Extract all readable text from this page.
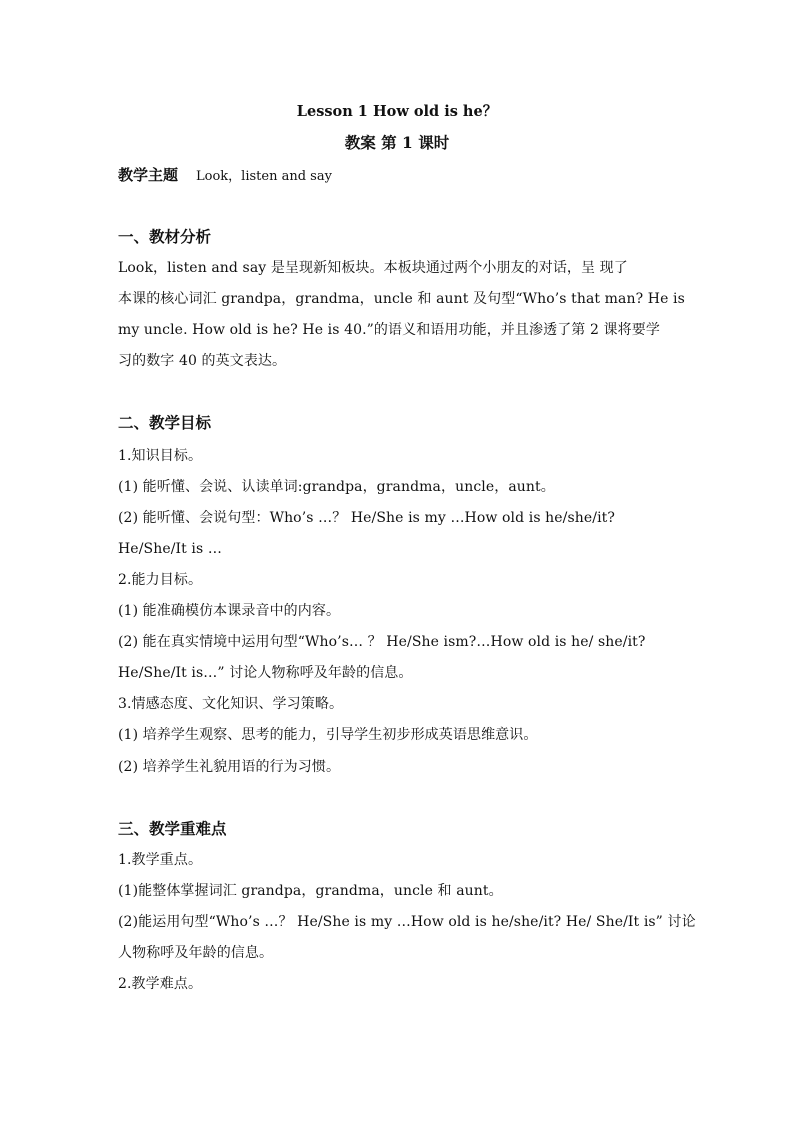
Lesson 1 How old is he？
教案 第 1 课时
教学主题 Look，listen and say
一、教材分析
Look，listen and say 是呈现新知板块。本板块通过两个小朋友的对话，呈 现了
本课的核心词汇 grandpa，grandma，uncle 和 aunt 及句型“Who’s that man? He is
my uncle. How old is he? He is 40.”的语义和语用功能，并且渗透了第 2 课将要学
习的数字 40 的英文表达。
二、教学目标
1.知识目标。
(1) 能听懂、会说、认读单词:grandpa，grandma，uncle，aunt。
(2) 能听懂、会说句型：Who’s …？ He/She is my …How old is he/she/it?
He/She/It is …
2.能力目标。
(1) 能准确模仿本课录音中的内容。
(2) 能在真实情境中运用句型“Who’s… ？ He/She ism?…How old is he/ she/it?
He/She/It is…” 讨论人物称呼及年龄的信息。
3.情感态度、文化知识、学习策略。
(1) 培养学生观察、思考的能力，引导学生初步形成英语思维意识。
(2) 培养学生礼貌用语的行为习惯。
三、教学重难点
1.教学重点。
(1)能整体掌握词汇 grandpa，grandma，uncle 和 aunt。
(2)能运用句型“Who’s …？ He/She is my …How old is he/she/it? He/ She/It is” 讨论
人物称呼及年龄的信息。
2.教学难点。
